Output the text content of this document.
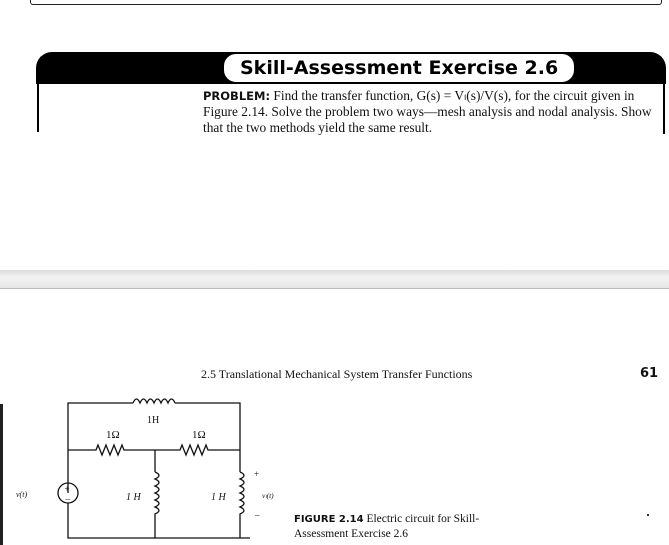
Skill-Assessment Exercise 2.6
PROBLEM: Find the transfer function, G(s) = Vₗ(s)/V(s), for the circuit given in Figure 2.14. Solve the problem two ways—mesh analysis and nodal analysis. Show that the two methods yield the same result.
2.5 Translational Mechanical System Transfer Functions	61
v(t)
+
–
1H
1Ω	1Ω
1 H	1 H
+
vₗ(t)
–	FIGURE 2.14 Electric circuit for Skill-Assessment Exercise 2.6
